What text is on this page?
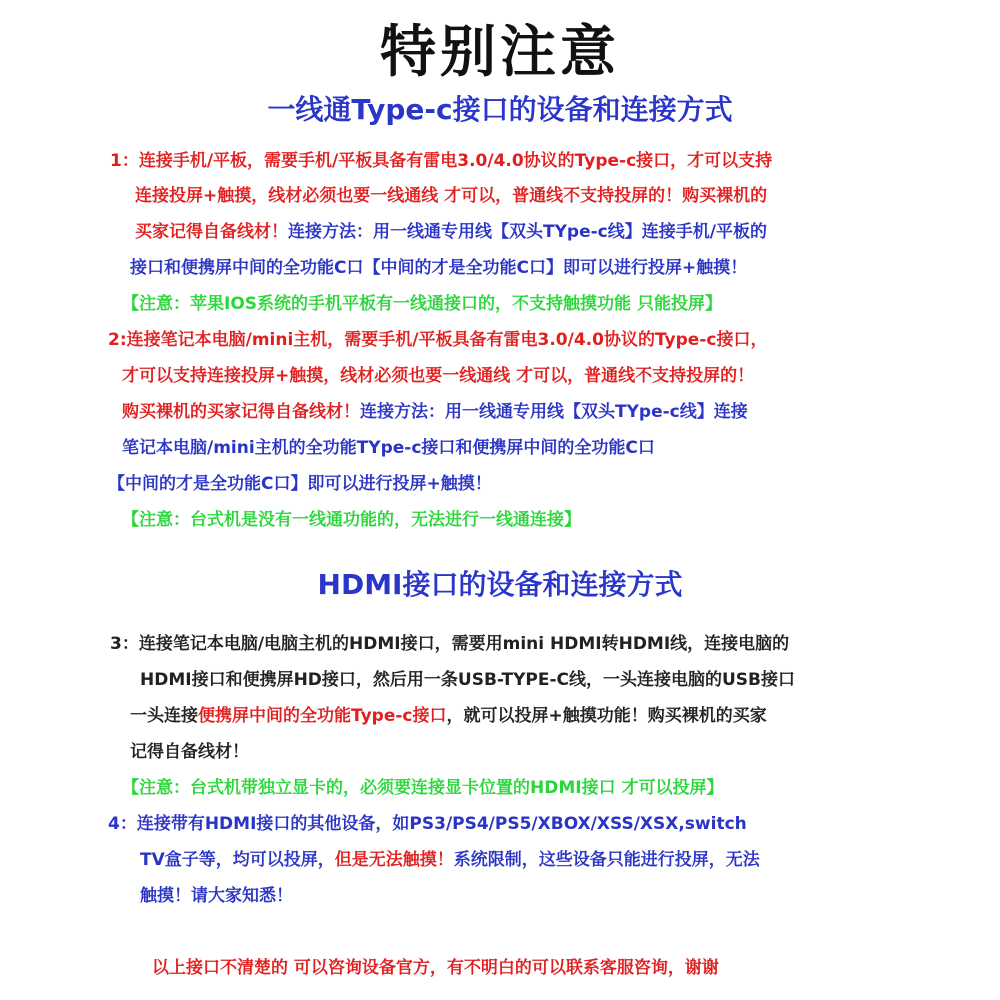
特别注意
一线通Type-c接口的设备和连接方式
1：连接手机/平板，需要手机/平板具备有雷电3.0/4.0协议的Type-c接口，才可以支持
连接投屏+触摸，线材必须也要一线通线 才可以，普通线不支持投屏的！购买裸机的
买家记得自备线材！连接方法：用一线通专用线【双头TYpe-c线】连接手机/平板的
接口和便携屏中间的全功能C口【中间的才是全功能C口】即可以进行投屏+触摸！
【注意：苹果IOS系统的手机平板有一线通接口的，不支持触摸功能 只能投屏】
2:连接笔记本电脑/mini主机，需要手机/平板具备有雷电3.0/4.0协议的Type-c接口，
才可以支持连接投屏+触摸，线材必须也要一线通线 才可以，普通线不支持投屏的！
购买裸机的买家记得自备线材！连接方法：用一线通专用线【双头TYpe-c线】连接
笔记本电脑/mini主机的全功能TYpe-c接口和便携屏中间的全功能C口
【中间的才是全功能C口】即可以进行投屏+触摸！
【注意：台式机是没有一线通功能的，无法进行一线通连接】
HDMI接口的设备和连接方式
3：连接笔记本电脑/电脑主机的HDMI接口，需要用mini HDMI转HDMI线，连接电脑的
HDMI接口和便携屏HD接口，然后用一条USB-TYPE-C线，一头连接电脑的USB接口
一头连接便携屏中间的全功能Type-c接口，就可以投屏+触摸功能！购买裸机的买家
记得自备线材！
【注意：台式机带独立显卡的，必须要连接显卡位置的HDMI接口 才可以投屏】
4：连接带有HDMI接口的其他设备，如PS3/PS4/PS5/XBOX/XSS/XSX,switch
TV盒子等，均可以投屏，但是无法触摸！系统限制，这些设备只能进行投屏，无法
触摸！请大家知悉！
以上接口不清楚的 可以咨询设备官方，有不明白的可以联系客服咨询，谢谢
